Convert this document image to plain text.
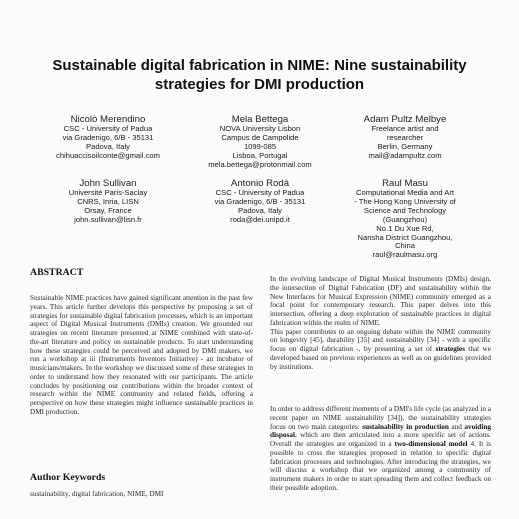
Sustainable digital fabrication in NIME: Nine sustainability strategies for DMI production
Nicolò Merendino
CSC - University of Padua
via Gradenigo, 6/B - 35131
Padova, Italy
chihuaccisoilconte@gmail.com
Mela Bettega
NOVA University Lisbon
Campus de Campolide
1099-085
Lisboa, Portugal
mela.bettega@protonmail.com
Adam Pultz Melbye
Freelance artist and
researcher
Berlin, Germany
mail@adampultz.com
John Sullivan
Université Paris-Saclay
CNRS, Inria, LISN
Orsay, France
john.sullivan@lisn.fr
Antonio Rodà
CSC - University of Padua
via Gradenigo, 6/B - 35131
Padova, Italy
roda@dei.unipd.it
Raul Masu
Computational Media and Art
- The Hong Kong University of
Science and Technology
(Guangzhou)
No.1 Du Xue Rd,
Nansha District Guangzhou,
China
raul@raulmasu.org
ABSTRACT

Sustainable NIME practices have gained significant attention in the past few years. This article further develops this perspective by proposing a set of strategies for sustainable digital fabrication processes, which is an important aspect of Digital Musical Instruments (DMIs) creation. We grounded our strategies on recent literature presented at NIME combined with state-of-the-art literature and policy on sustainable products. To start understanding how these strategies could be perceived and adopted by DMI makers, we run a workshop at iii (Instruments Inventors Initiative) - an incubator of musicians/makers. In the workshop we discussed some of these strategies in order to understand how they resonated with our participants. The article concludes by positioning our contributions within the broader context of research within the NIME community and related fields, offering a perspective on how these strategies might influence sustainable practices in DMI production.

Author Keywords

sustainability, digital fabrication, NIME, DMI

In the evolving landscape of Digital Musical Instruments (DMIs) design, the intersection of Digital Fabrication (DF) and sustainability within the New Interfaces for Musical Expression (NIME) community emerged as a focal point for contemporary research. This paper delves into this intersection, offering a deep exploration of sustainable practices in digital fabrication within the realm of NIME.

This paper contributes to an ongoing debate within the NIME community on longevity [45], durability [35] and sustainability [34] - with a specific focus on digital fabrication -, by presenting a set of strategies that we developed based on previous experiences as well as on guidelines provided by institutions.

In order to address different moments of a DMI's life cycle (as analyzed in a recent paper on NIME sustainability [34]), the sustainability strategies focus on two main categories: sustainability in production and avoiding disposal, which are then articulated into a more specific set of actions. Overall the strategies are organized in a two-dimensional model 4. It is possible to cross the strategies proposed in relation to specific digital fabrication processes and technologies. After introducing the strategies, we will discuss a workshop that we organized among a community of instrument makers in order to start spreading them and collect feedback on their possible adoption.
